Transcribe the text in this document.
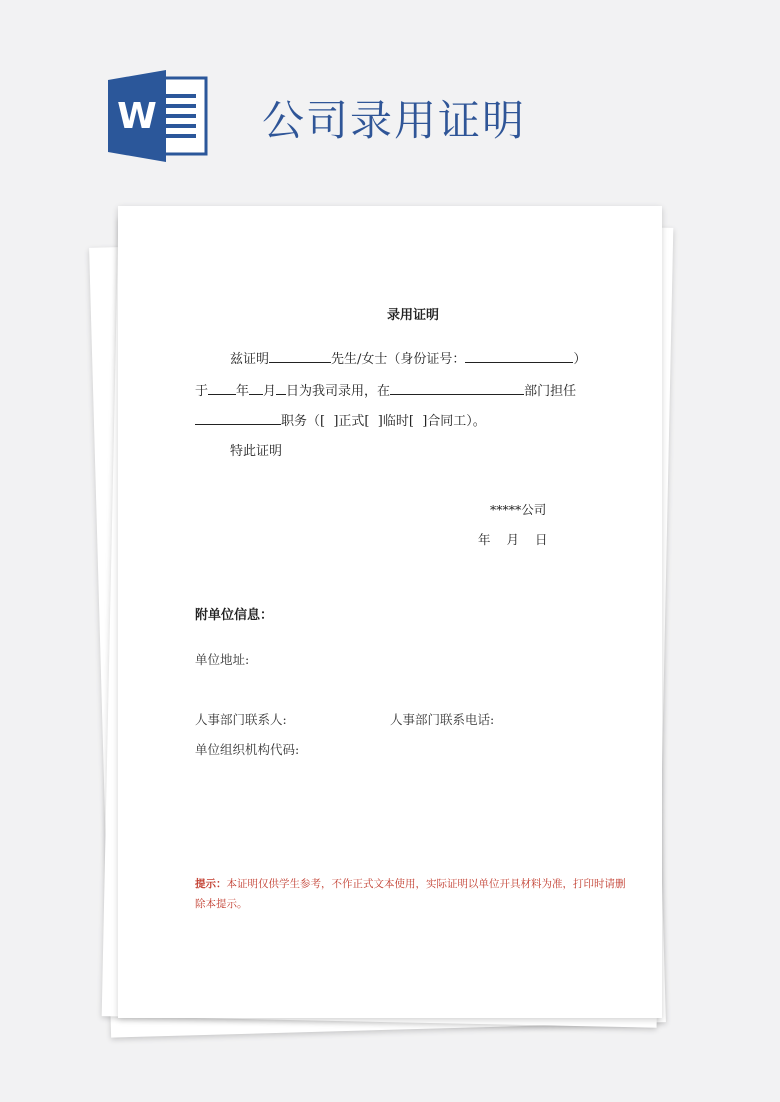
W	公司录用证明
录用证明
兹证明	先生/女士（身份证号：	）
于 年 月 日为我司录用，在	部门担任
职务（[ ]正式[ ]临时[ ]合同工）。
特此证明
*****公司
年 月 日
附单位信息：
单位地址:
人事部门联系人:	人事部门联系电话:
单位组织机构代码:
提示：本证明仅供学生参考，不作正式文本使用，实际证明以单位开具材料为准，打印时请删除本提示。
